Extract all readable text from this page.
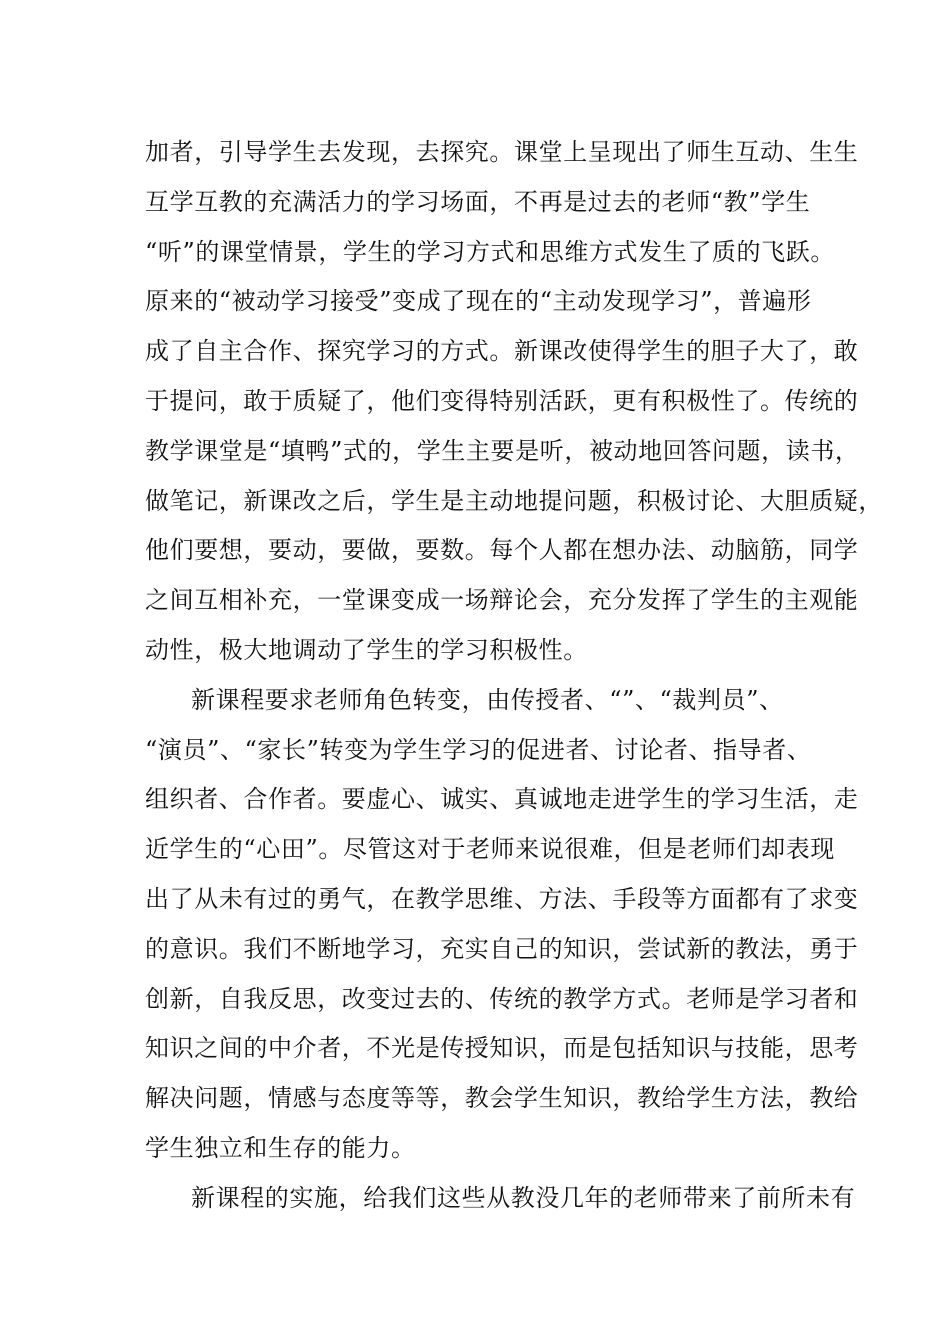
加者，引导学生去发现，去探究。课堂上呈现出了师生互动、生生
互学互教的充满活力的学习场面，不再是过去的老师“教”学生
“听”的课堂情景，学生的学习方式和思维方式发生了质的飞跃。
原来的“被动学习接受”变成了现在的“主动发现学习”，普遍形
成了自主合作、探究学习的方式。新课改使得学生的胆子大了，敢
于提问，敢于质疑了，他们变得特别活跃，更有积极性了。传统的
教学课堂是“填鸭”式的，学生主要是听，被动地回答问题，读书，
做笔记，新课改之后，学生是主动地提问题，积极讨论、大胆质疑，
他们要想，要动，要做，要数。每个人都在想办法、动脑筋，同学
之间互相补充，一堂课变成一场辩论会，充分发挥了学生的主观能
动性，极大地调动了学生的学习积极性。
新课程要求老师角色转变，由传授者、“”、“裁判员”、
“演员”、“家长”转变为学生学习的促进者、讨论者、指导者、
组织者、合作者。要虚心、诚实、真诚地走进学生的学习生活，走
近学生的“心田”。尽管这对于老师来说很难，但是老师们却表现
出了从未有过的勇气，在教学思维、方法、手段等方面都有了求变
的意识。我们不断地学习，充实自己的知识，尝试新的教法，勇于
创新，自我反思，改变过去的、传统的教学方式。老师是学习者和
知识之间的中介者，不光是传授知识，而是包括知识与技能，思考
解决问题，情感与态度等等，教会学生知识，教给学生方法，教给
学生独立和生存的能力。
新课程的实施，给我们这些从教没几年的老师带来了前所未有
